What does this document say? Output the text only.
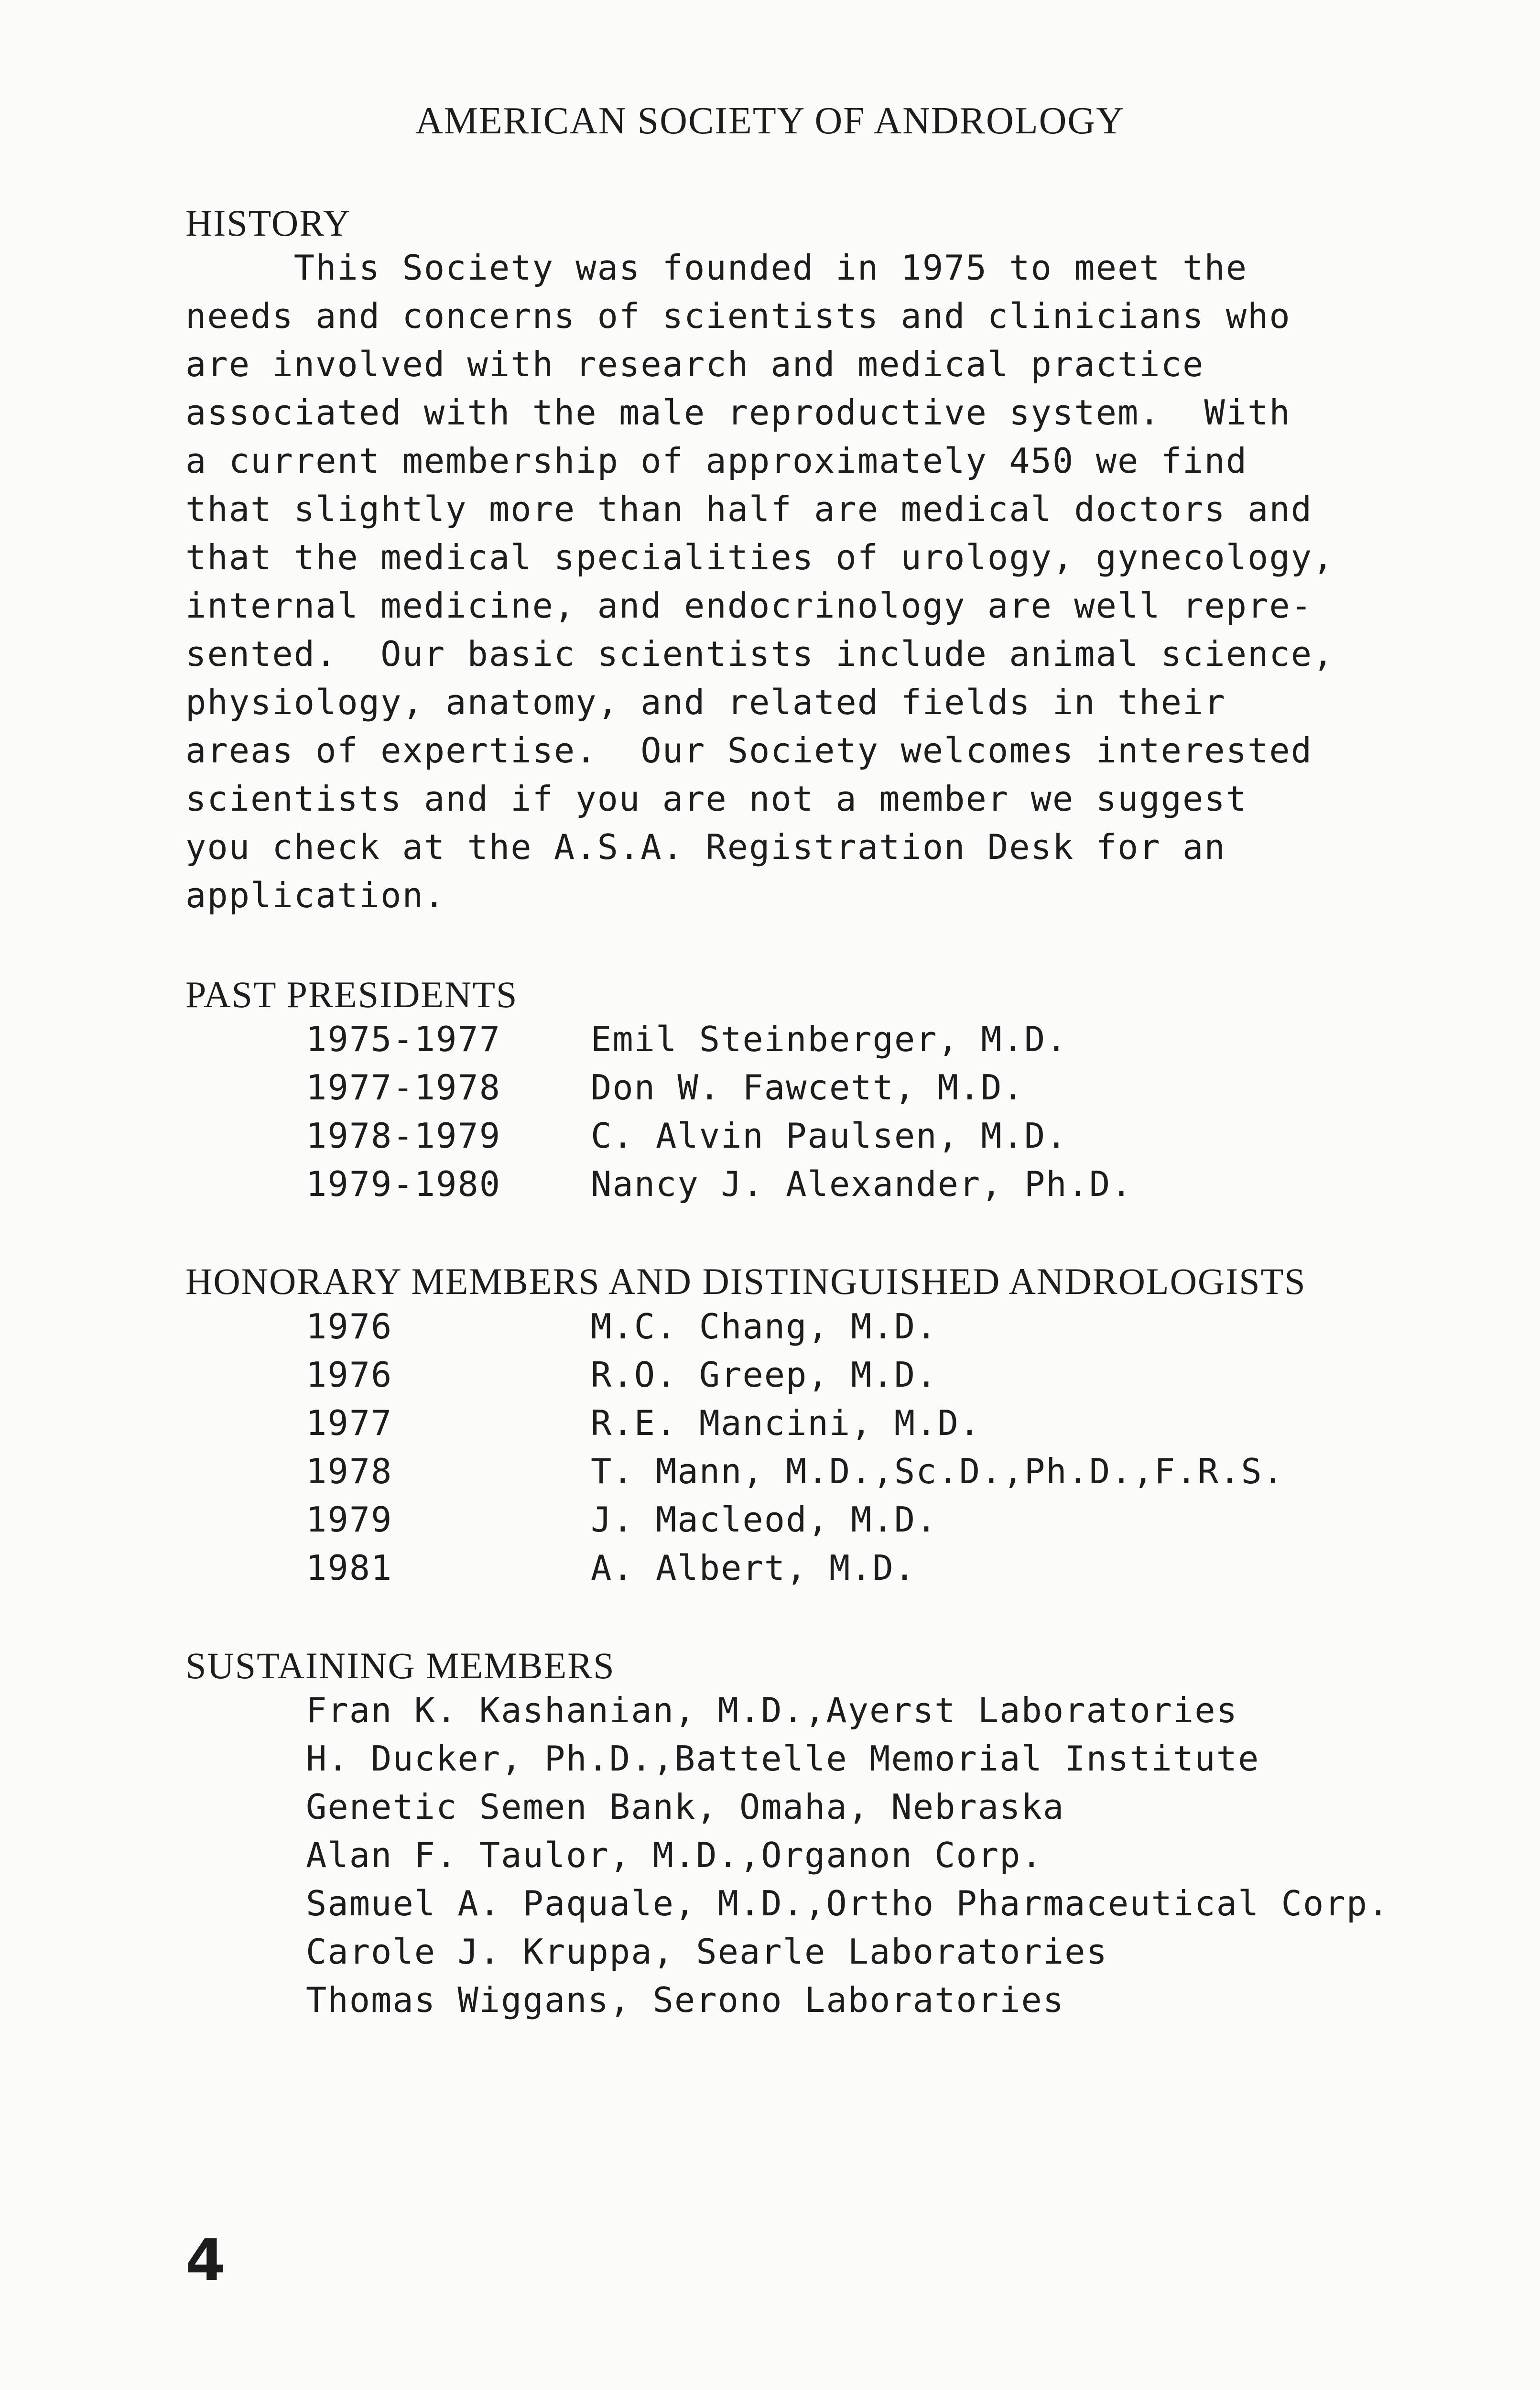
AMERICAN SOCIETY OF ANDROLOGY
HISTORY
This Society was founded in 1975 to meet the
needs and concerns of scientists and clinicians who
are involved with research and medical practice
associated with the male reproductive system.  With
a current membership of approximately 450 we find
that slightly more than half are medical doctors and
that the medical specialities of urology, gynecology,
internal medicine, and endocrinology are well repre-
sented.  Our basic scientists include animal science,
physiology, anatomy, and related fields in their
areas of expertise.  Our Society welcomes interested
scientists and if you are not a member we suggest
you check at the A.S.A. Registration Desk for an
application.
PAST PRESIDENTS
1975-1977	Emil Steinberger, M.D.
1977-1978	Don W. Fawcett, M.D.
1978-1979	C. Alvin Paulsen, M.D.
1979-1980	Nancy J. Alexander, Ph.D.
HONORARY MEMBERS AND DISTINGUISHED ANDROLOGISTS
1976	M.C. Chang, M.D.
1976	R.O. Greep, M.D.
1977	R.E. Mancini, M.D.
1978	T. Mann, M.D.,Sc.D.,Ph.D.,F.R.S.
1979	J. Macleod, M.D.
1981	A. Albert, M.D.
SUSTAINING MEMBERS
Fran K. Kashanian, M.D.,Ayerst Laboratories
H. Ducker, Ph.D.,Battelle Memorial Institute
Genetic Semen Bank, Omaha, Nebraska
Alan F. Taulor, M.D.,Organon Corp.
Samuel A. Paquale, M.D.,Ortho Pharmaceutical Corp.
Carole J. Kruppa, Searle Laboratories
Thomas Wiggans, Serono Laboratories
4
